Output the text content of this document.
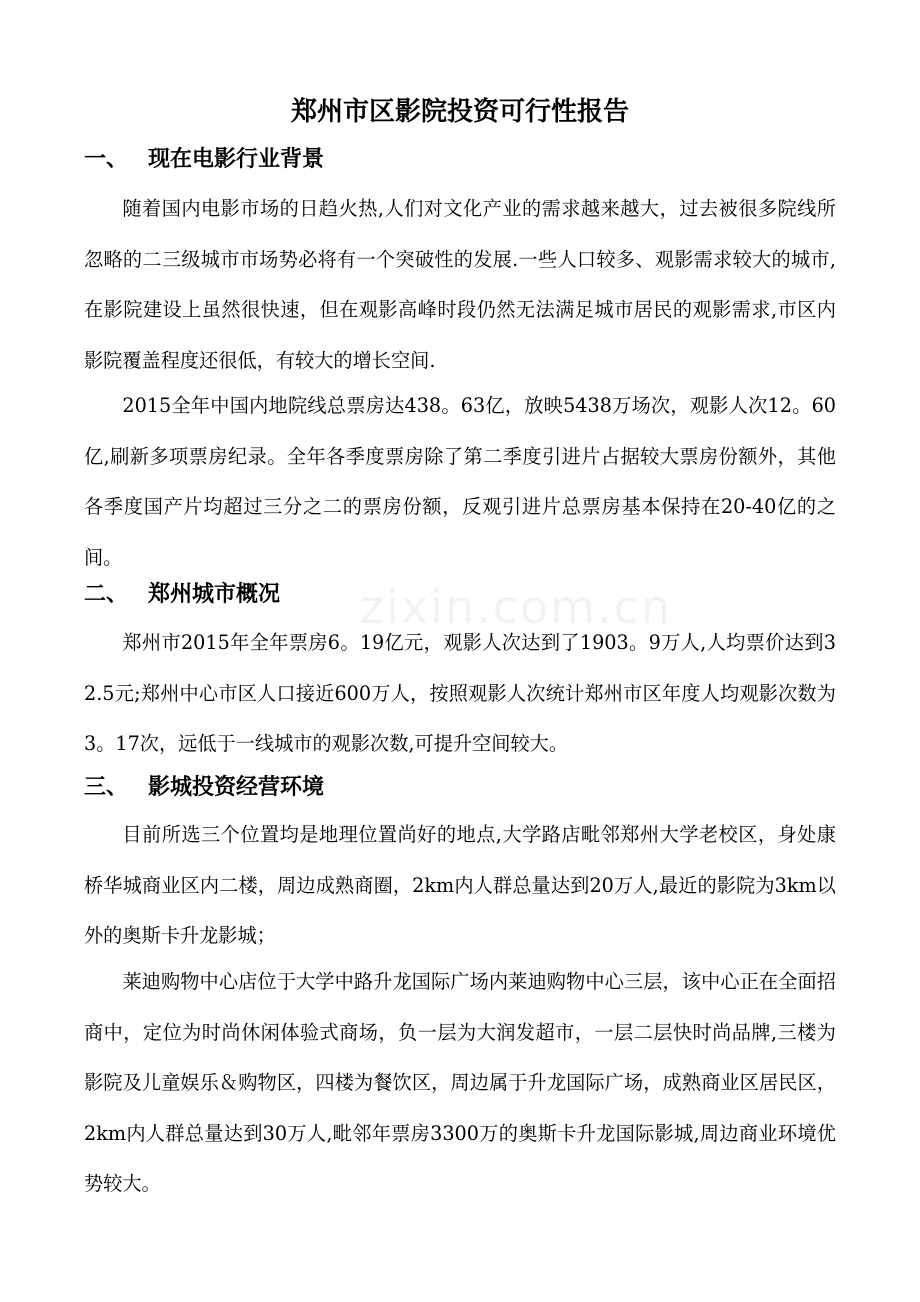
zixin.com.cn
郑州市区影院投资可行性报告
一、 现在电影行业背景

随着国内电影市场的日趋火热,人们对文化产业的需求越来越大，过去被很多院线所忽略的二三级城市市场势必将有一个突破性的发展.一些人口较多、观影需求较大的城市,在影院建设上虽然很快速，但在观影高峰时段仍然无法满足城市居民的观影需求,市区内影院覆盖程度还很低，有较大的增长空间.

2015全年中国内地院线总票房达438。63亿，放映5438万场次，观影人次12。60亿,刷新多项票房纪录。全年各季度票房除了第二季度引进片占据较大票房份额外，其他各季度国产片均超过三分之二的票房份额，反观引进片总票房基本保持在20-40亿的之间。

二、 郑州城市概况

郑州市2015年全年票房6。19亿元，观影人次达到了1903。9万人,人均票价达到32.5元;郑州中心市区人口接近600万人，按照观影人次统计郑州市区年度人均观影次数为3。17次，远低于一线城市的观影次数,可提升空间较大。

三、 影城投资经营环境

目前所选三个位置均是地理位置尚好的地点,大学路店毗邻郑州大学老校区，身处康桥华城商业区内二楼，周边成熟商圈，2km内人群总量达到20万人,最近的影院为3km以外的奥斯卡升龙影城；

莱迪购物中心店位于大学中路升龙国际广场内莱迪购物中心三层，该中心正在全面招商中，定位为时尚休闲体验式商场，负一层为大润发超市，一层二层快时尚品牌,三楼为影院及儿童娱乐＆购物区，四楼为餐饮区，周边属于升龙国际广场，成熟商业区居民区，2km内人群总量达到30万人,毗邻年票房3300万的奥斯卡升龙国际影城,周边商业环境优势较大。
